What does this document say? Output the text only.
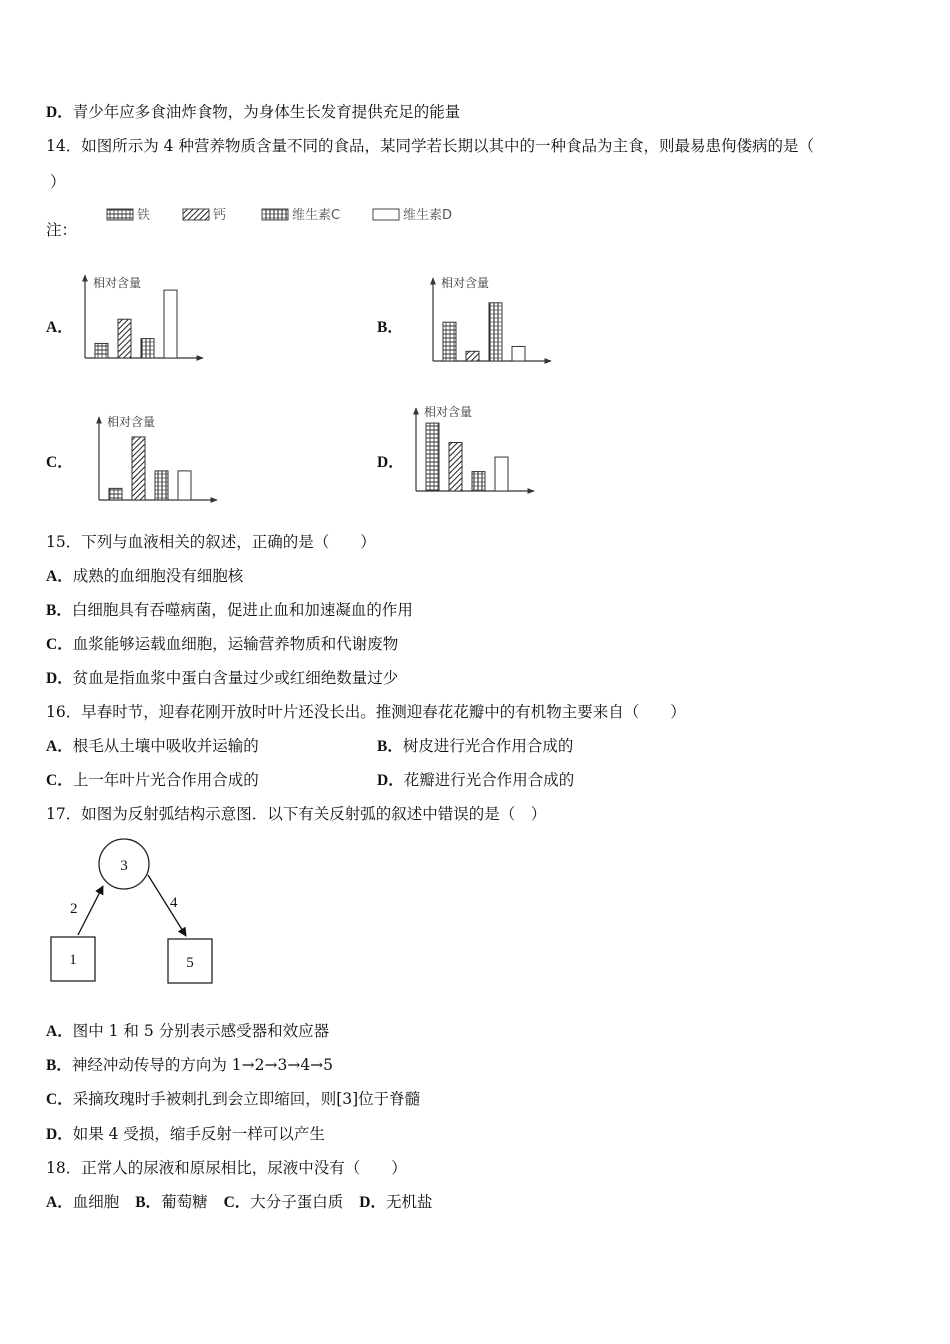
D．青少年应多食油炸食物，为身体生长发育提供充足的能量
14．如图所示为 4 种营养物质含量不同的食品，某同学若长期以其中的一种食品为主食，则最易患佝偻病的是（
）
注：
铁	钙	维生素C	维生素D
相对含量	相对含量
相对含量
相对含量
3
1	5
2	4
A．	B．
C．	D．
15．下列与血液相关的叙述，正确的是（　　）
A．成熟的血细胞没有细胞核
B．白细胞具有吞噬病菌，促进止血和加速凝血的作用
C．血浆能够运载血细胞，运输营养物质和代谢废物
D．贫血是指血浆中蛋白含量过少或红细绝数量过少
16．早春时节，迎春花刚开放时叶片还没长出。推测迎春花花瓣中的有机物主要来自（　　）
A．根毛从土壤中吸收并运输的	B．树皮进行光合作用合成的
C．上一年叶片光合作用合成的	D．花瓣进行光合作用合成的
17．如图为反射弧结构示意图．以下有关反射弧的叙述中错误的是（　）
A．图中 1 和 5 分别表示感受器和效应器
B．神经冲动传导的方向为 1→2→3→4→5
C．采摘玫瑰时手被刺扎到会立即缩回，则[3]位于脊髓
D．如果 4 受损，缩手反射一样可以产生
18．正常人的尿液和原尿相比，尿液中没有（　　）
A．血细胞 B．葡萄糖 C．大分子蛋白质 D．无机盐
